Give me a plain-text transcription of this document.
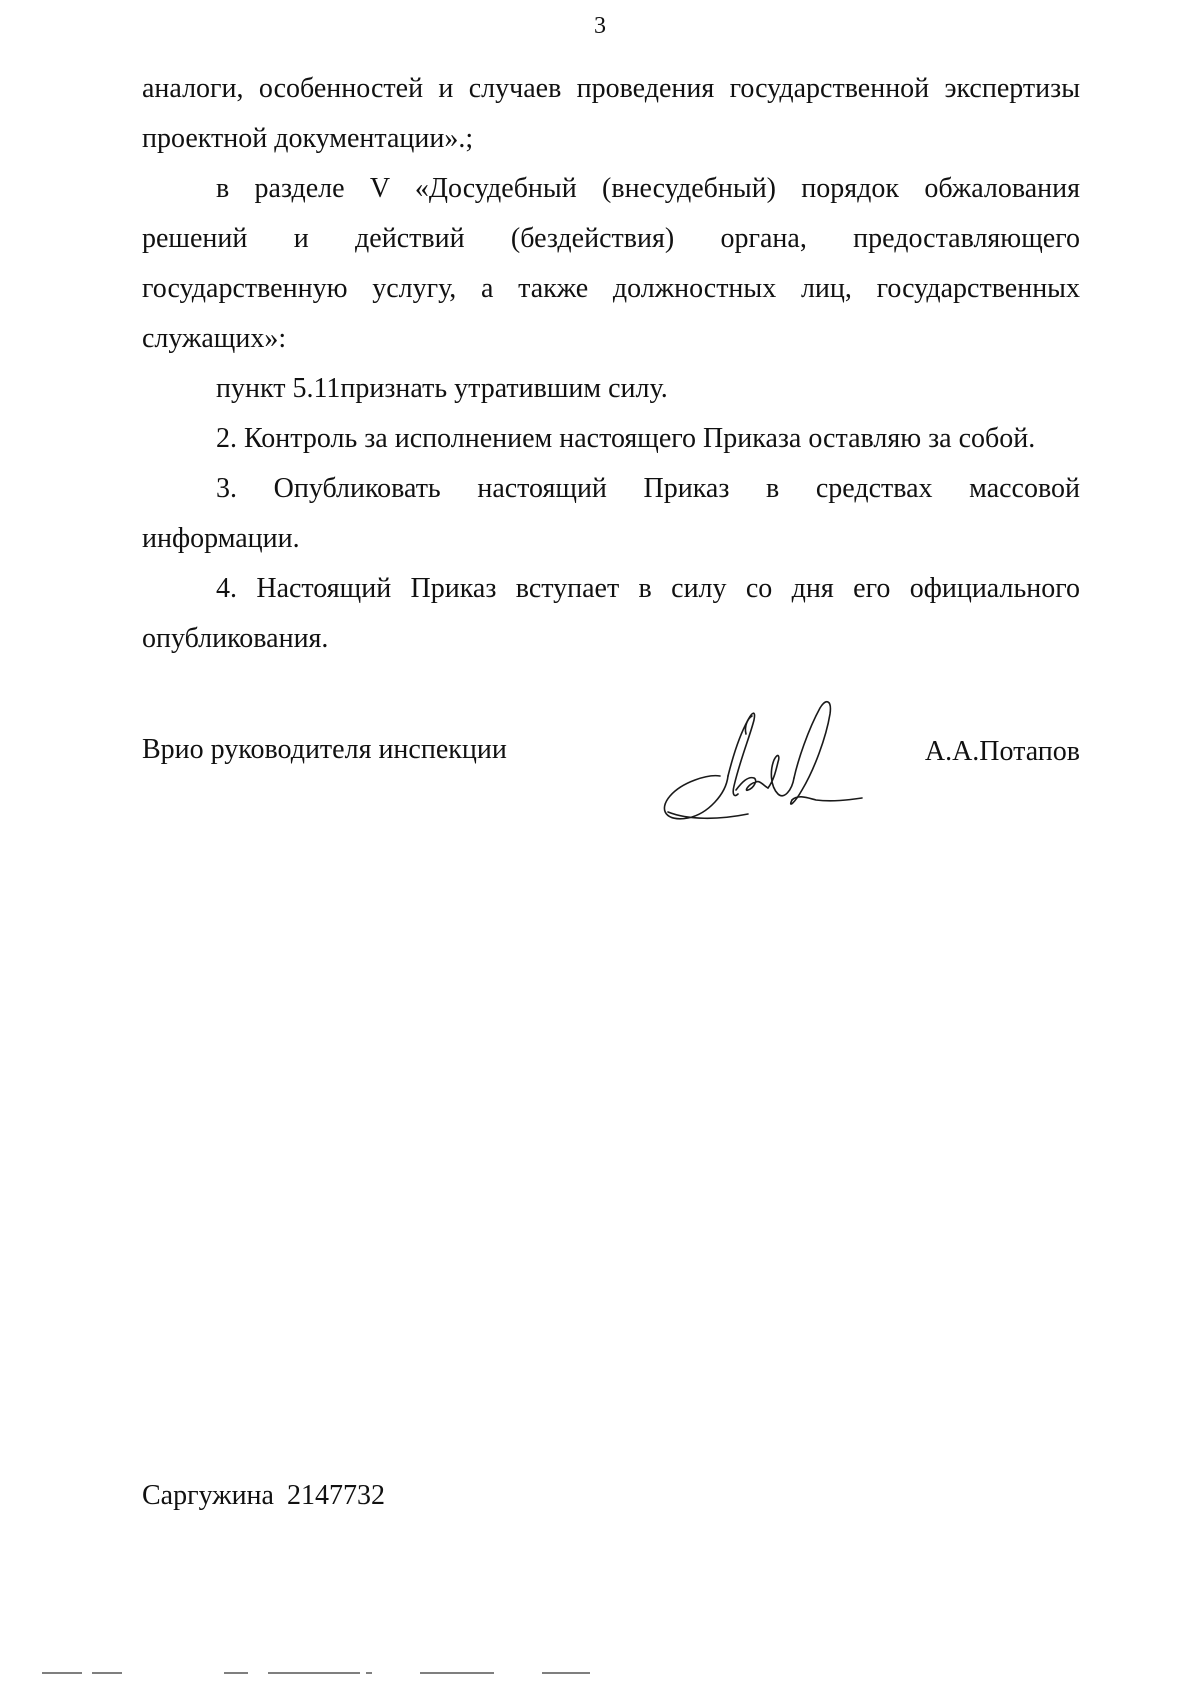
3
аналоги, особенностей и случаев проведения государственной экспертизы
проектной документации».;
в разделе V «Досудебный (внесудебный) порядок обжалования
решений и действий (бездействия) органа, предоставляющего
государственную услугу, а также должностных лиц, государственных
служащих»:
пункт 5.11признать утратившим силу.
2. Контроль за исполнением настоящего Приказа оставляю за собой.
3. Опубликовать настоящий Приказ в средствах массовой
информации.
4. Настоящий Приказ вступает в силу со дня его официального
опубликования.
Врио руководителя инспекции	А.А.Потапов
Саргужина 2147732
